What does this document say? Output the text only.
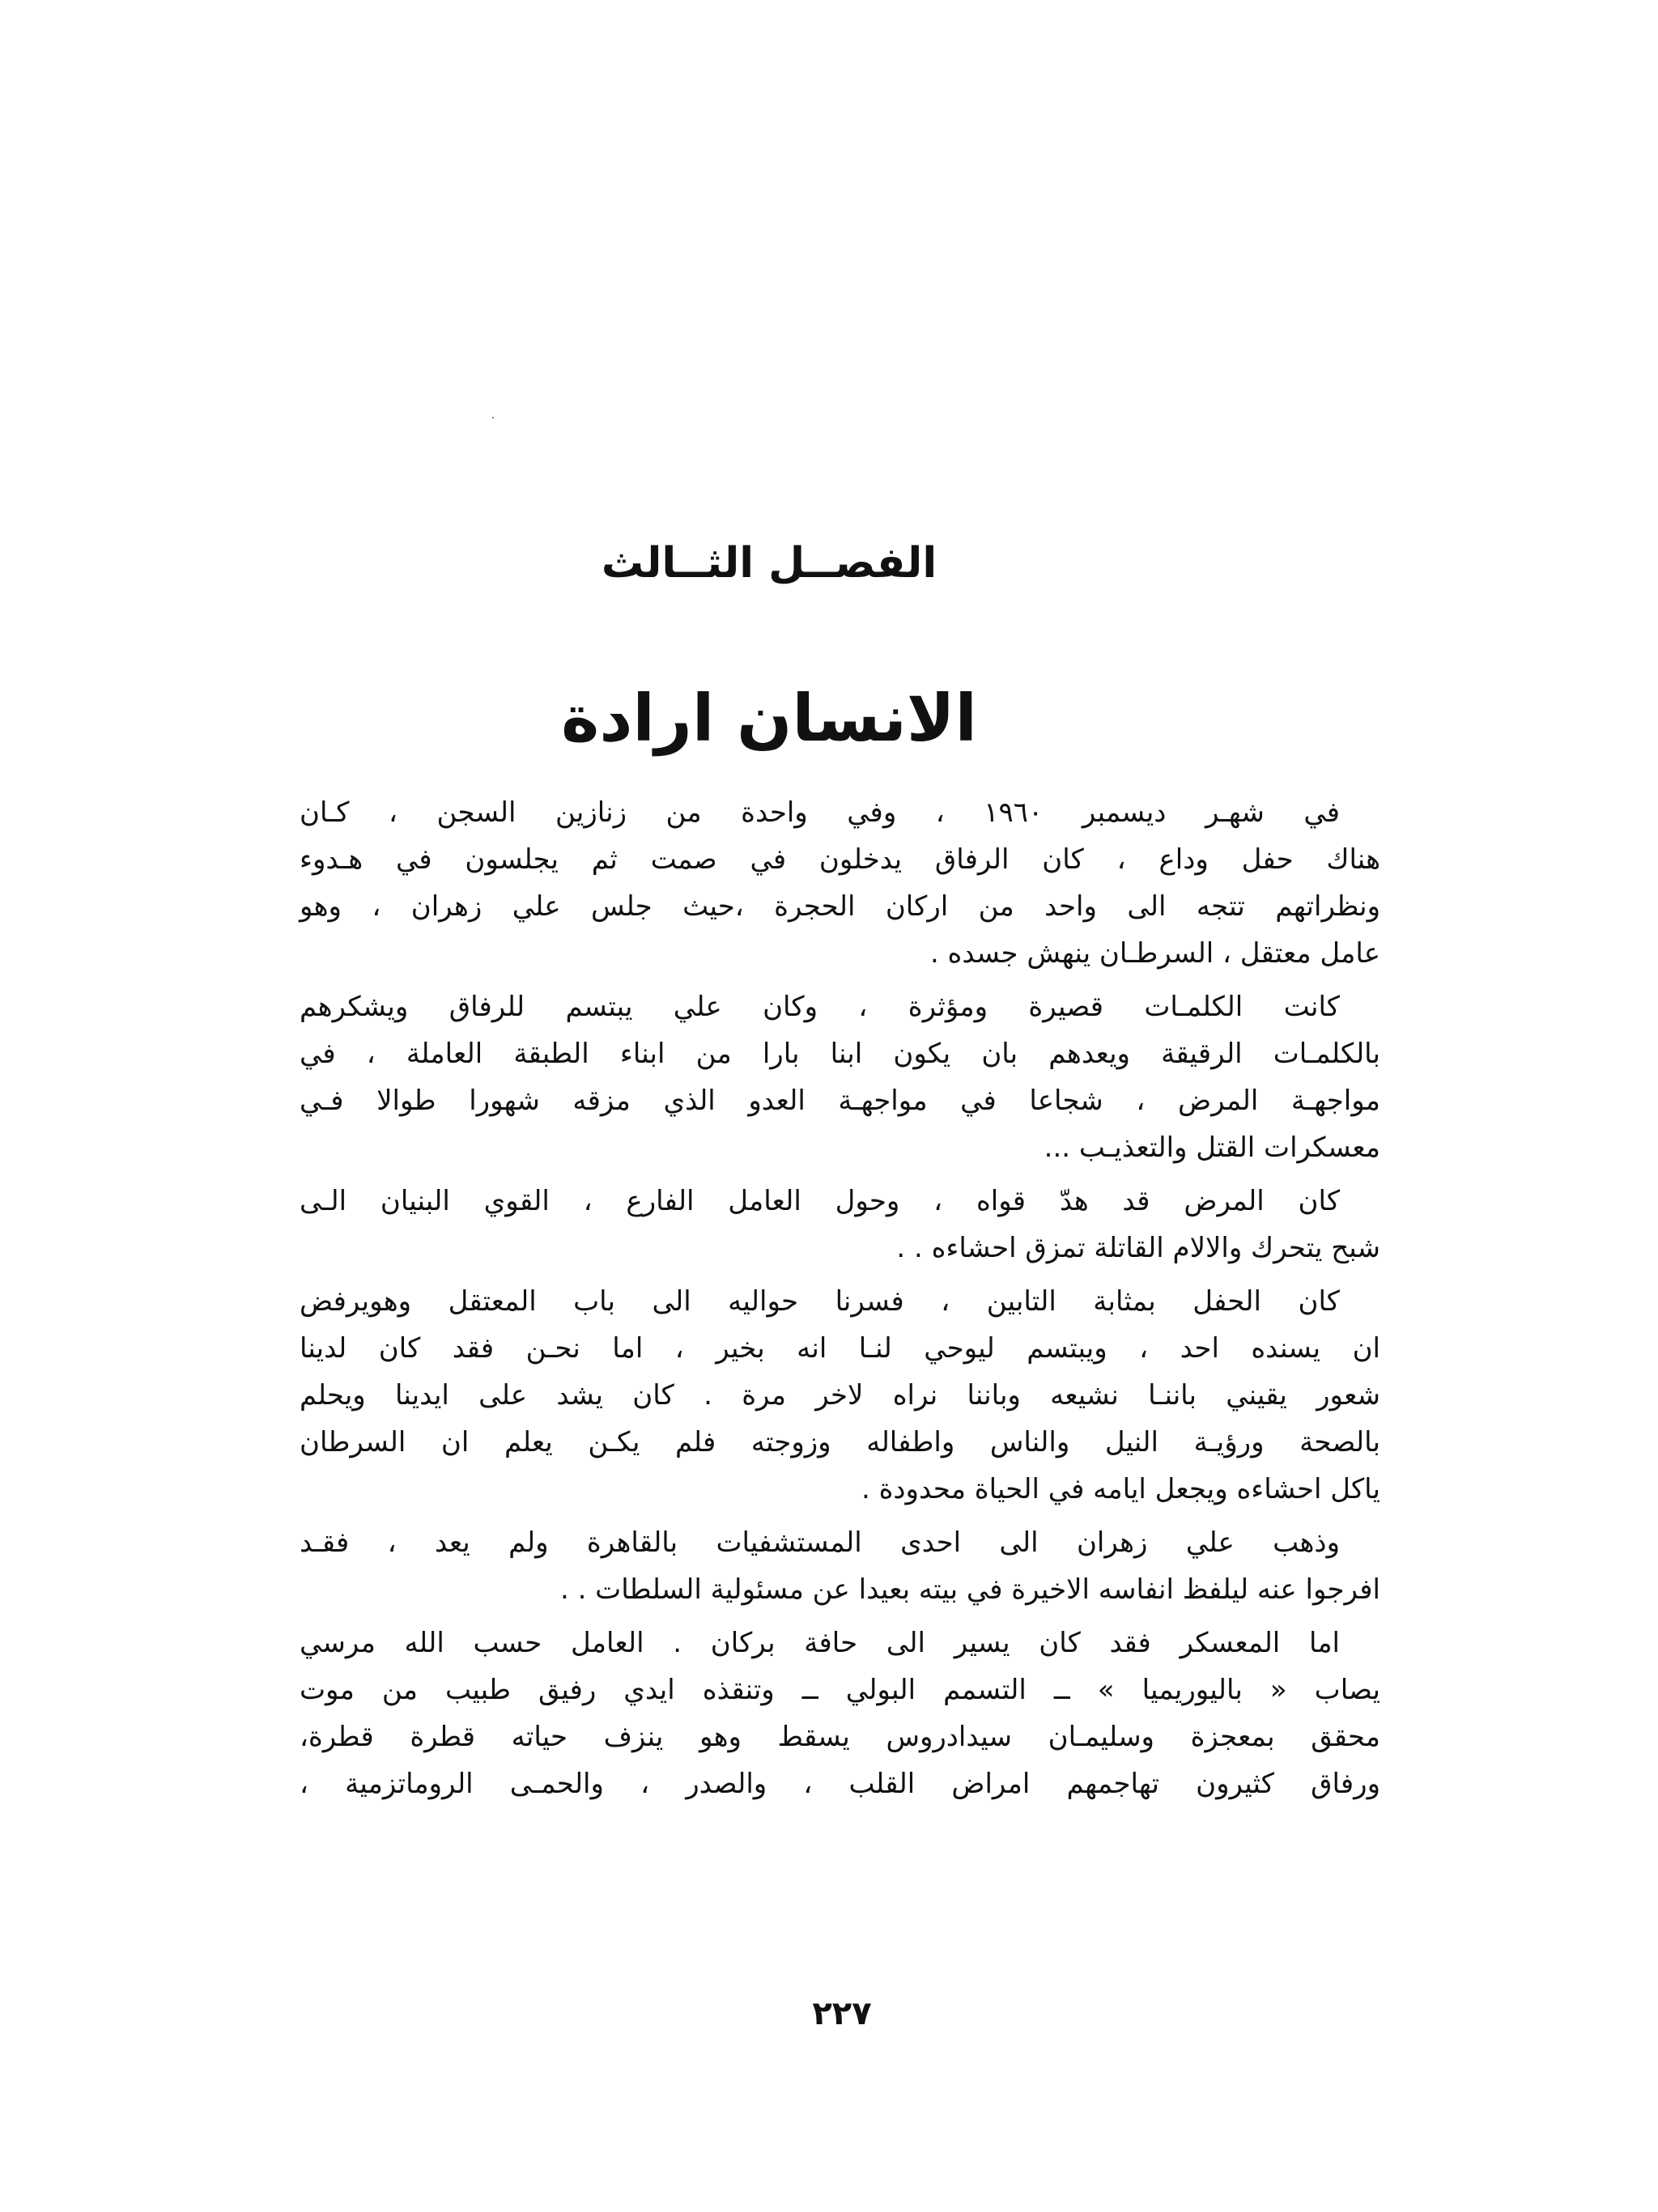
الفصــل الثــالث
الانسان ارادة

في شهـر ديسمبر ١٩٦٠ ، وفي واحدة من زنازين السجن ، كـان
هناك حفل وداع ، كان الرفاق يدخلون في صمت ثم يجلسون في هـدوء
ونظراتهم تتجه الى واحد من اركان الحجرة ،حيث جلس علي زهران ، وهو
عامل معتقل ، السرطـان ينهش جسده .

كانت الكلمـات قصيرة ومؤثرة ، وكان علي يبتسم للرفاق ويشكرهم
بالكلمـات الرقيقة ويعدهم بان يكون ابنا بارا من ابناء الطبقة العاملة ، في
مواجهـة المرض ، شجاعا في مواجهـة العدو الذي مزقه شهورا طوالا فـي
معسكرات القتل والتعذيـب ...

كان المرض قد هدّ قواه ، وحول العامل الفارع ، القوي البنيان الـى
شبح يتحرك والالام القاتلة تمزق احشاءه . .

كان الحفل بمثابة التابين ، فسرنا حواليه الى باب المعتقل وهويرفض
ان يسنده احد ، ويبتسم ليوحي لنـا انه بخير ، اما نحـن فقد كان لدينا
شعور يقيني باننـا نشيعه وباننا نراه لاخر مرة . كان يشد على ايدينا ويحلم
بالصحة ورؤيـة النيل والناس واطفاله وزوجته فلم يكـن يعلم ان السرطان
ياكل احشاءه ويجعل ايامه في الحياة محدودة .

وذهب علي زهران الى احدى المستشفيات بالقاهرة ولم يعد ، فقـد
افرجوا عنه ليلفظ انفاسه الاخيرة في بيته بعيدا عن مسئولية السلطات . .

اما المعسكر فقد كان يسير الى حافة بركان . العامل حسب الله مرسي
يصاب « باليوريميا » ــ التسمم البولي ــ وتنقذه ايدي رفيق طبيب من موت
محقق بمعجزة وسليمـان سيدادروس يسقط وهو ينزف حياته قطرة قطرة،
ورفاق كثيرون تهاجمهم امراض القلب ، والصدر ، والحمـى الروماتزمية ،

٢٢٧
